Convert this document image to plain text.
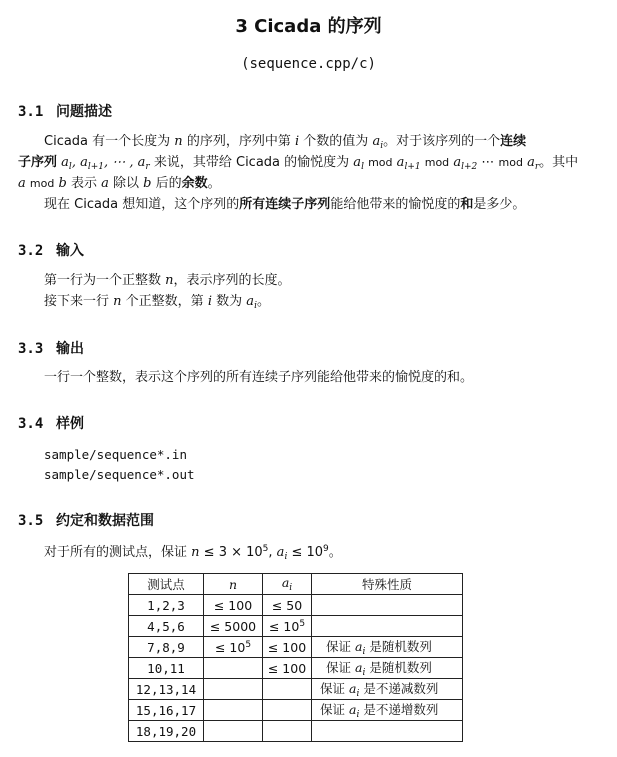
3 Cicada 的序列
(sequence.cpp/c)
3.1 问题描述
Cicada 有一个长度为 n 的序列，序列中第 i 个数的值为 $a_i$。对于该序列的一个连续
子序列 $a_l$, $a_{l+1}$, ⋯ , $a_r$ 来说，其带给 Cicada 的愉悦度为 $a_l$ mod $a_{l+1}$ mod $a_{l+2}$ ⋯ mod $a_r$。其中
a mod b 表示 a 除以 b 后的余数。
现在 Cicada 想知道，这个序列的所有连续子序列能给他带来的愉悦度的和是多少。
3.2 输入
第一行为一个正整数 n，表示序列的长度。
接下来一行 n 个正整数，第 i 数为 $a_i$。
3.3 输出
一行一个整数，表示这个序列的所有连续子序列能给他带来的愉悦度的和。
3.4 样例
sample/sequence*.in
sample/sequence*.out
3.5 约定和数据范围
对于所有的测试点，保证 $n \le 3 \times 10^5$, $a_i \le 10^9$。
测试点	n	$a_i$	特殊性质
1,2,3	≤ 100	≤ 50	
4,5,6	≤ 5000	≤ $10^5$	
7,8,9	≤ $10^5$	≤ 100	保证 $a_i$ 是随机数列
10,11		≤ 100	保证 $a_i$ 是随机数列
12,13,14			保证 $a_i$ 是不递减数列
15,16,17			保证 $a_i$ 是不递增数列
18,19,20			
